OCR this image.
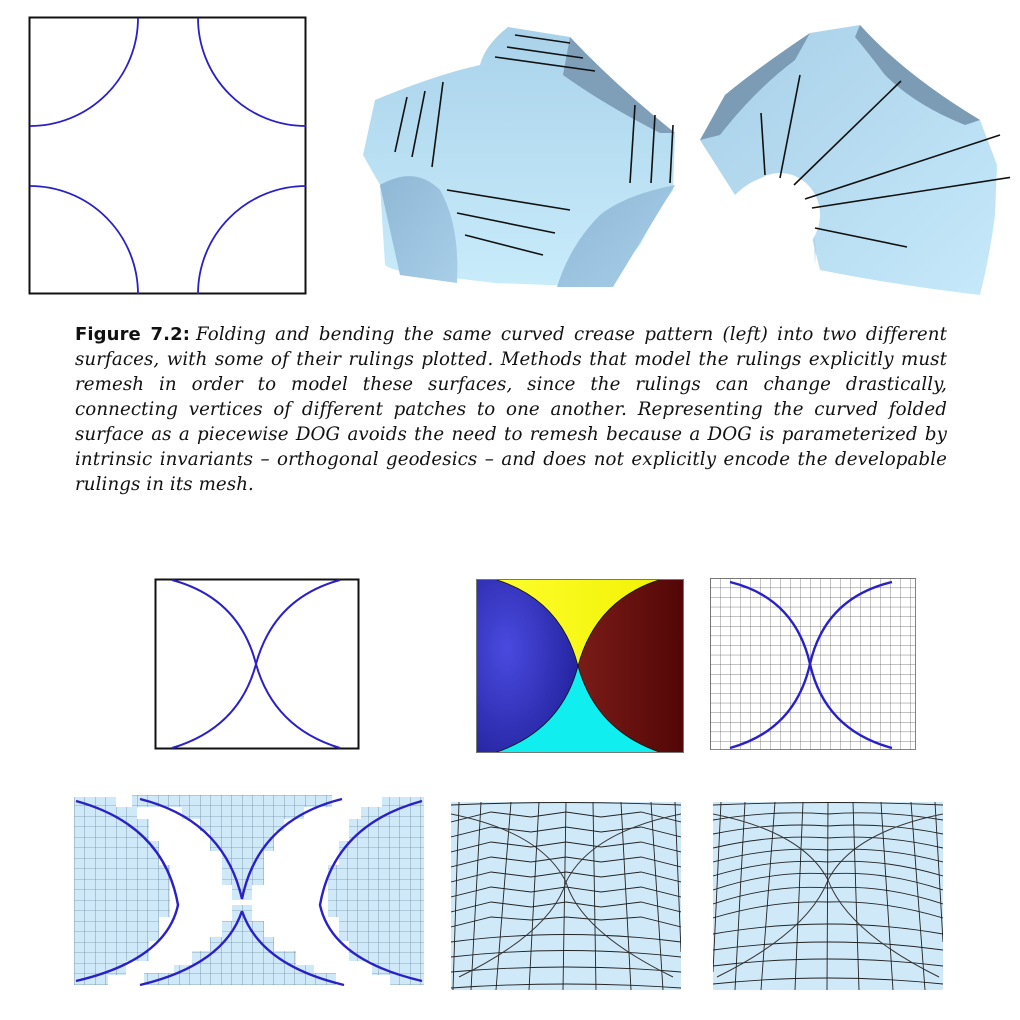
Figure 7.2: Folding and bending the same curved crease pattern (left) into two different surfaces, with some of their rulings plotted. Methods that model the rulings explicitly must remesh in order to model these surfaces, since the rulings can change drastically, connecting vertices of different patches to one another. Representing the curved folded surface as a piecewise DOG avoids the need to remesh because a DOG is parameterized by intrinsic invariants – orthogonal geodesics – and does not explicitly encode the developable rulings in its mesh.
